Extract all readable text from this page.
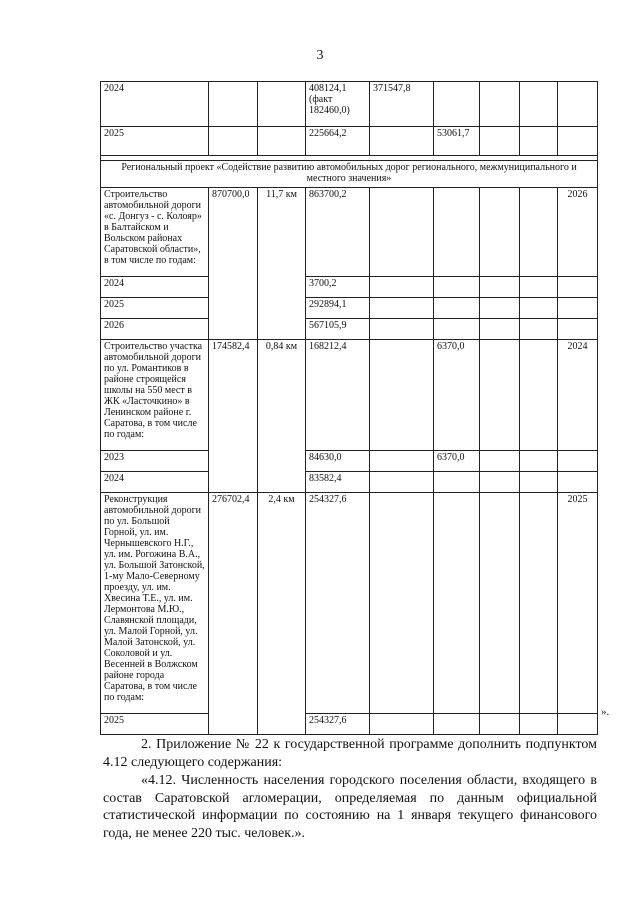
3
2024			408124,1 (факт 182460,0)	371547,8				
2025			225664,2		53061,7			

Региональный проект «Содействие развитию автомобильных дорог регионального, межмуниципального и местного значения»								
Строительство автомобильной дороги «с. Донгуз - с. Колояр» в Балтайском и Вольском районах Саратовской области», в том числе по годам:	870700,0	11,7 км	863700,2					2026
2024			3700,2					
2025			292894,1					
2026			567105,9					
Строительство участка автомобильной дороги по ул. Романтиков в районе строящейся школы на 550 мест в ЖК «Ласточкино» в Ленинском районе г. Саратова, в том числе по годам:	174582,4	0,84 км	168212,4		6370,0			2024
2023			84630,0		6370,0			
2024			83582,4					
Реконструкция автомобильной дороги по ул. Большой Горной, ул. им. Чернышевского Н.Г., ул. им. Рогожина В.А., ул. Большой Затонской, 1-му Мало-Северному проезду, ул. им. Хвесина Т.Е., ул. им. Лермонтова М.Ю., Славянской площади, ул. Малой Горной, ул. Малой Затонской, ул. Соколовой и ул. Весенней в Волжском районе города Саратова, в том числе по годам:	276702,4	2,4 км	254327,6					2025
2025			254327,6					
».
2. Приложение № 22 к государственной программе дополнить подпунктом 4.12 следующего содержания:
«4.12. Численность населения городского поселения области, входящего в состав Саратовской агломерации, определяемая по данным официальной статистической информации по состоянию на 1 января текущего финансового года, не менее 220 тыс. человек.».
